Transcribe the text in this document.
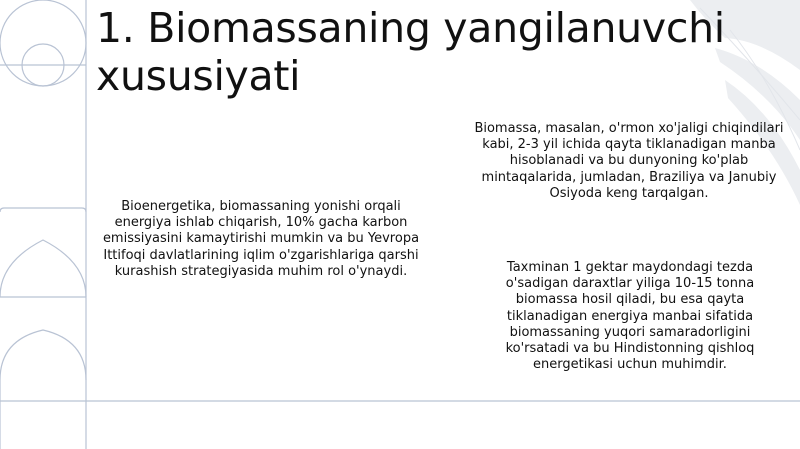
1. Biomassaning yangilanuvchi xususiyati

Bioenergetika, biomassaning yonishi orqali energiya ishlab chiqarish, 10% gacha karbon emissiyasini kamaytirishi mumkin va bu Yevropa Ittifoqi davlatlarining iqlim o'zgarishlariga qarshi kurashish strategiyasida muhim rol o'ynaydi.

Biomassa, masalan, o'rmon xo'jaligi chiqindilari kabi, 2-3 yil ichida qayta tiklanadigan manba hisoblanadi va bu dunyoning ko'plab mintaqalarida, jumladan, Braziliya va Janubiy Osiyoda keng tarqalgan.

Taxminan 1 gektar maydondagi tezda o'sadigan daraxtlar yiliga 10-15 tonna biomassa hosil qiladi, bu esa qayta tiklanadigan energiya manbai sifatida biomassaning yuqori samaradorligini ko'rsatadi va bu Hindistonning qishloq energetikasi uchun muhimdir.
